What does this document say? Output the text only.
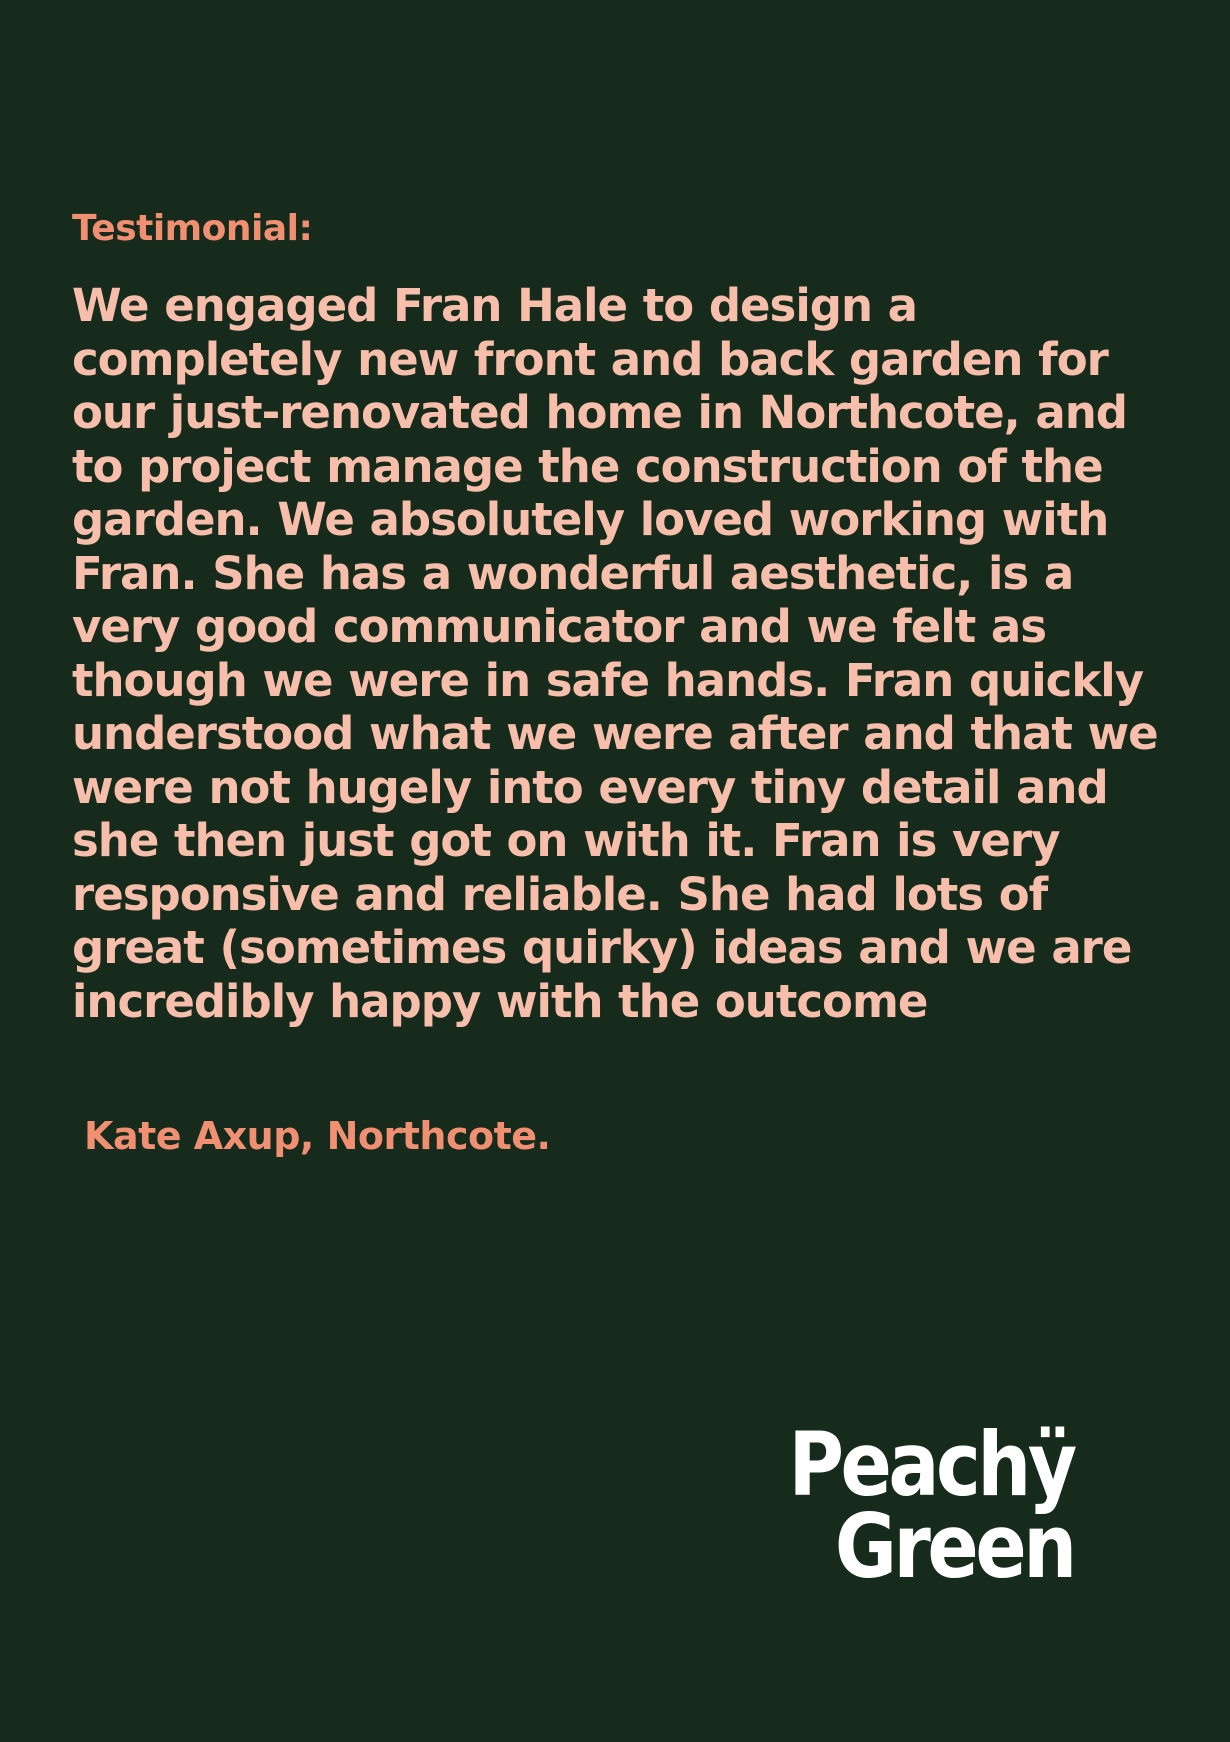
Testimonial:

We engaged Fran Hale to design a completely new front and back garden for our just-renovated home in Northcote, and to project manage the construction of the garden. We absolutely loved working with Fran. She has a wonderful aesthetic, is a very good communicator and we felt as though we were in safe hands. Fran quickly understood what we were after and that we were not hugely into every tiny detail and she then just got on with it. Fran is very responsive and reliable. She had lots of great (sometimes quirky) ideas and we are incredibly happy with the outcome

Kate Axup, Northcote.

Peachÿ
Green
